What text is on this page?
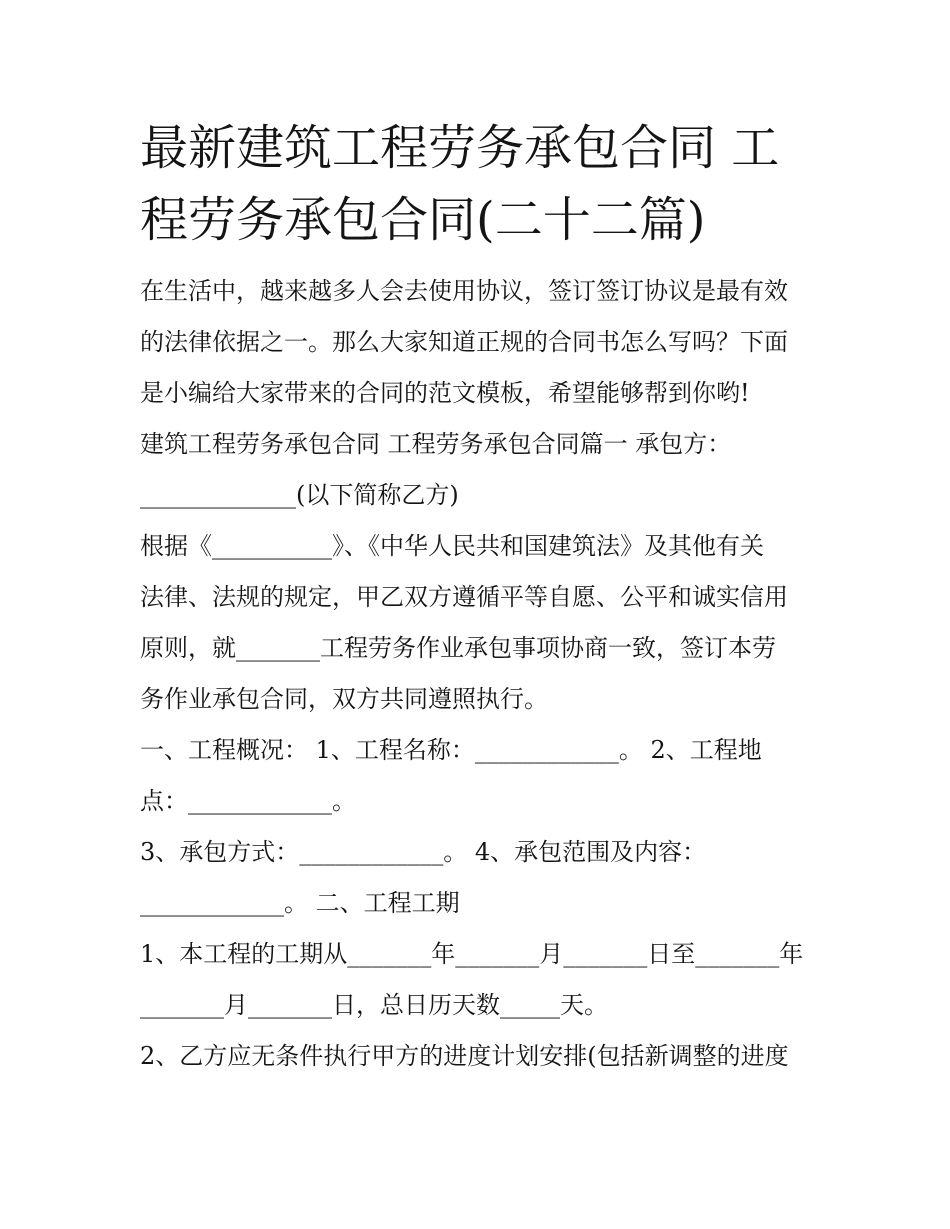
最新建筑工程劳务承包合同 工
程劳务承包合同(二十二篇)
在生活中，越来越多人会去使用协议，签订签订协议是最有效
的法律依据之一。那么大家知道正规的合同书怎么写吗？下面
是小编给大家带来的合同的范文模板，希望能够帮到你哟!
建筑工程劳务承包合同 工程劳务承包合同篇一 承包方：
_____________(以下简称乙方)
根据《__________》、《中华人民共和国建筑法》及其他有关
法律、法规的规定，甲乙双方遵循平等自愿、公平和诚实信用
原则，就_______工程劳务作业承包事项协商一致，签订本劳
务作业承包合同，双方共同遵照执行。
一、工程概况： 1、工程名称：____________。 2、工程地
点：____________。
3、承包方式：____________。 4、承包范围及内容：
____________。 二、工程工期
1、本工程的工期从_______年_______月_______日至_______年
_______月_______日，总日历天数_____天。
2、乙方应无条件执行甲方的进度计划安排(包括新调整的进度
